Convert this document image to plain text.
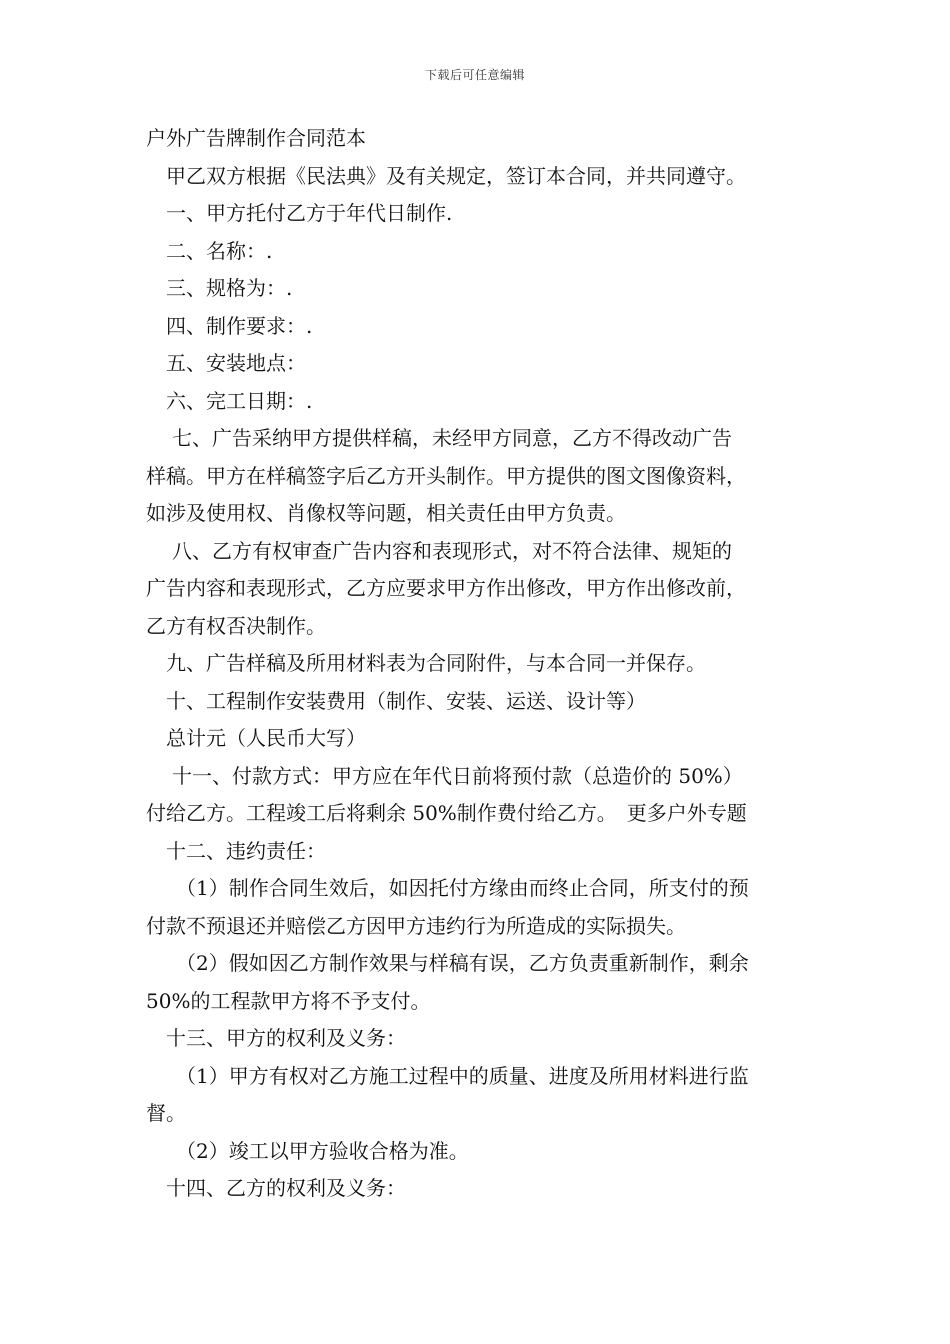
下载后可任意编辑
户外广告牌制作合同范本
甲乙双方根据《民法典》及有关规定，签订本合同，并共同遵守。
一、甲方托付乙方于年代日制作.
二、名称：.
三、规格为：.
四、制作要求：.
五、安装地点：
六、完工日期：.
七、广告采纳甲方提供样稿，未经甲方同意，乙方不得改动广告
样稿。甲方在样稿签字后乙方开头制作。甲方提供的图文图像资料，
如涉及使用权、肖像权等问题，相关责任由甲方负责。
八、乙方有权审查广告内容和表现形式，对不符合法律、规矩的
广告内容和表现形式，乙方应要求甲方作出修改，甲方作出修改前，
乙方有权否决制作。
九、广告样稿及所用材料表为合同附件，与本合同一并保存。
十、工程制作安装费用（制作、安装、运送、设计等）
总计元（人民币大写）
十一、付款方式：甲方应在年代日前将预付款（总造价的 50%）
付给乙方。工程竣工后将剩余 50%制作费付给乙方。　更多户外专题
十二、违约责任：
（1）制作合同生效后，如因托付方缘由而终止合同，所支付的预
付款不预退还并赔偿乙方因甲方违约行为所造成的实际损失。
（2）假如因乙方制作效果与样稿有误，乙方负责重新制作，剩余
50%的工程款甲方将不予支付。
十三、甲方的权利及义务：
（1）甲方有权对乙方施工过程中的质量、进度及所用材料进行监
督。
（2）竣工以甲方验收合格为准。
十四、乙方的权利及义务：
